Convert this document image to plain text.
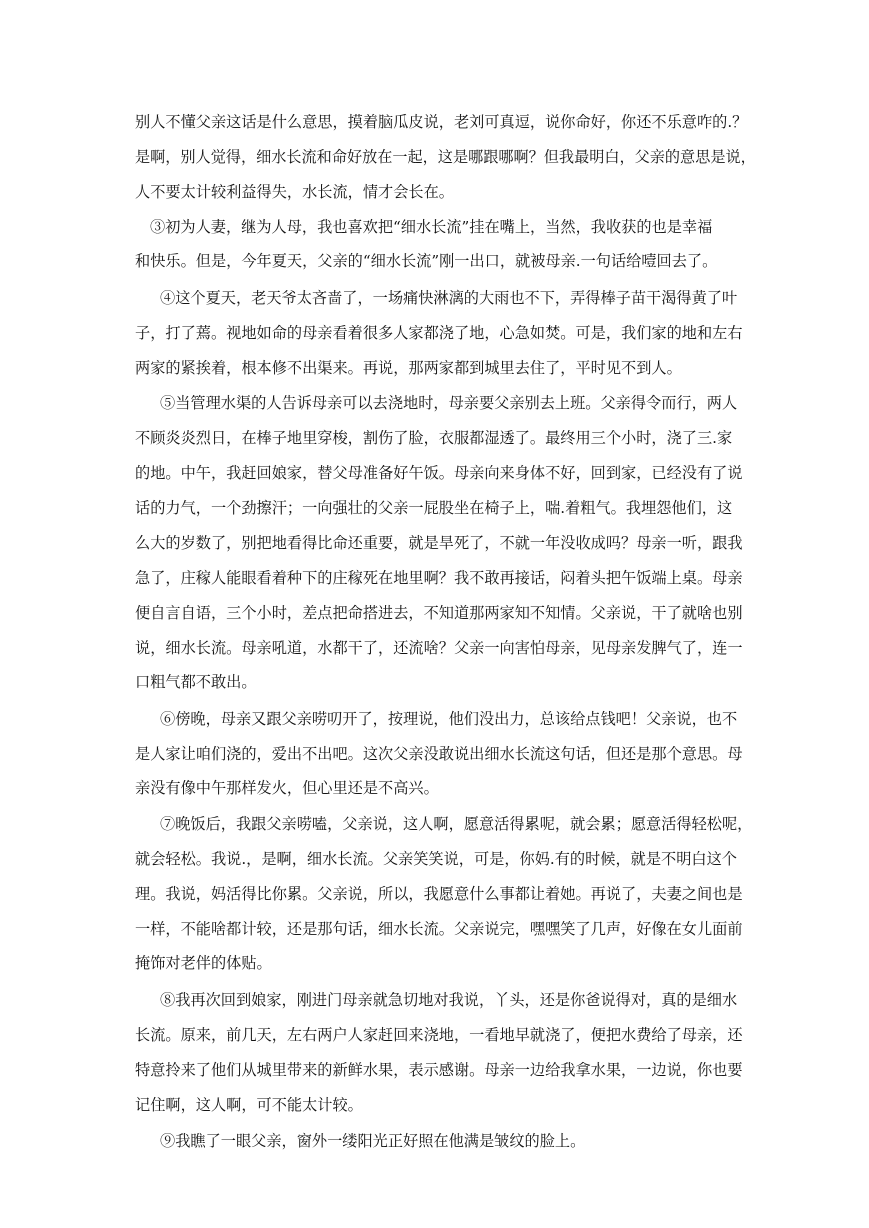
别人不懂父亲这话是什么意思，摸着脑瓜皮说，老刘可真逗，说你命好，你还不乐意咋的.？
是啊，别人觉得，细水长流和命好放在一起，这是哪跟哪啊？但我最明白，父亲的意思是说，
人不要太计较利益得失，水长流，情才会长在。
③初为人妻，继为人母，我也喜欢把“细水长流”挂在嘴上，当然，我收获的也是幸福
和快乐。但是，今年夏天，父亲的“细水长流”刚一出口，就被母亲.一句话给噎回去了。
④这个夏天，老天爷太吝啬了，一场痛快淋漓的大雨也不下，弄得棒子苗干渴得黄了叶
子，打了蔫。视地如命的母亲看着很多人家都浇了地，心急如焚。可是，我们家的地和左右
两家的紧挨着，根本修不出渠来。再说，那两家都到城里去住了，平时见不到人。
⑤当管理水渠的人告诉母亲可以去浇地时，母亲要父亲别去上班。父亲得令而行，两人
不顾炎炎烈日，在棒子地里穿梭，割伤了脸，衣服都湿透了。最终用三个小时，浇了三.家
的地。中午，我赶回娘家，替父母准备好午饭。母亲向来身体不好，回到家，已经没有了说
话的力气，一个劲擦汗；一向强壮的父亲一屁股坐在椅子上，喘.着粗气。我埋怨他们，这
么大的岁数了，别把地看得比命还重要，就是旱死了，不就一年没收成吗？母亲一听，跟我
急了，庄稼人能眼看着种下的庄稼死在地里啊？我不敢再接话，闷着头把午饭端上桌。母亲
便自言自语，三个小时，差点把命搭进去，不知道那两家知不知情。父亲说，干了就啥也别
说，细水长流。母亲吼道，水都干了，还流啥？父亲一向害怕母亲，见母亲发脾气了，连一
口粗气都不敢出。
⑥傍晚，母亲又跟父亲唠叨开了，按理说，他们没出力，总该给点钱吧！父亲说，也不
是人家让咱们浇的，爱出不出吧。这次父亲没敢说出细水长流这句话，但还是那个意思。母
亲没有像中午那样发火，但心里还是不高兴。
⑦晚饭后，我跟父亲唠嗑，父亲说，这人啊，愿意活得累呢，就会累；愿意活得轻松呢，
就会轻松。我说.，是啊，细水长流。父亲笑笑说，可是，你妈.有的时候，就是不明白这个
理。我说，妈活得比你累。父亲说，所以，我愿意什么事都让着她。再说了，夫妻之间也是
一样，不能啥都计较，还是那句话，细水长流。父亲说完，嘿嘿笑了几声，好像在女儿面前
掩饰对老伴的体贴。
⑧我再次回到娘家，刚进门母亲就急切地对我说，丫头，还是你爸说得对，真的是细水
长流。原来，前几天，左右两户人家赶回来浇地，一看地早就浇了，便把水费给了母亲，还
特意拎来了他们从城里带来的新鲜水果，表示感谢。母亲一边给我拿水果，一边说，你也要
记住啊，这人啊，可不能太计较。
⑨我瞧了一眼父亲，窗外一缕阳光正好照在他满是皱纹的脸上。
